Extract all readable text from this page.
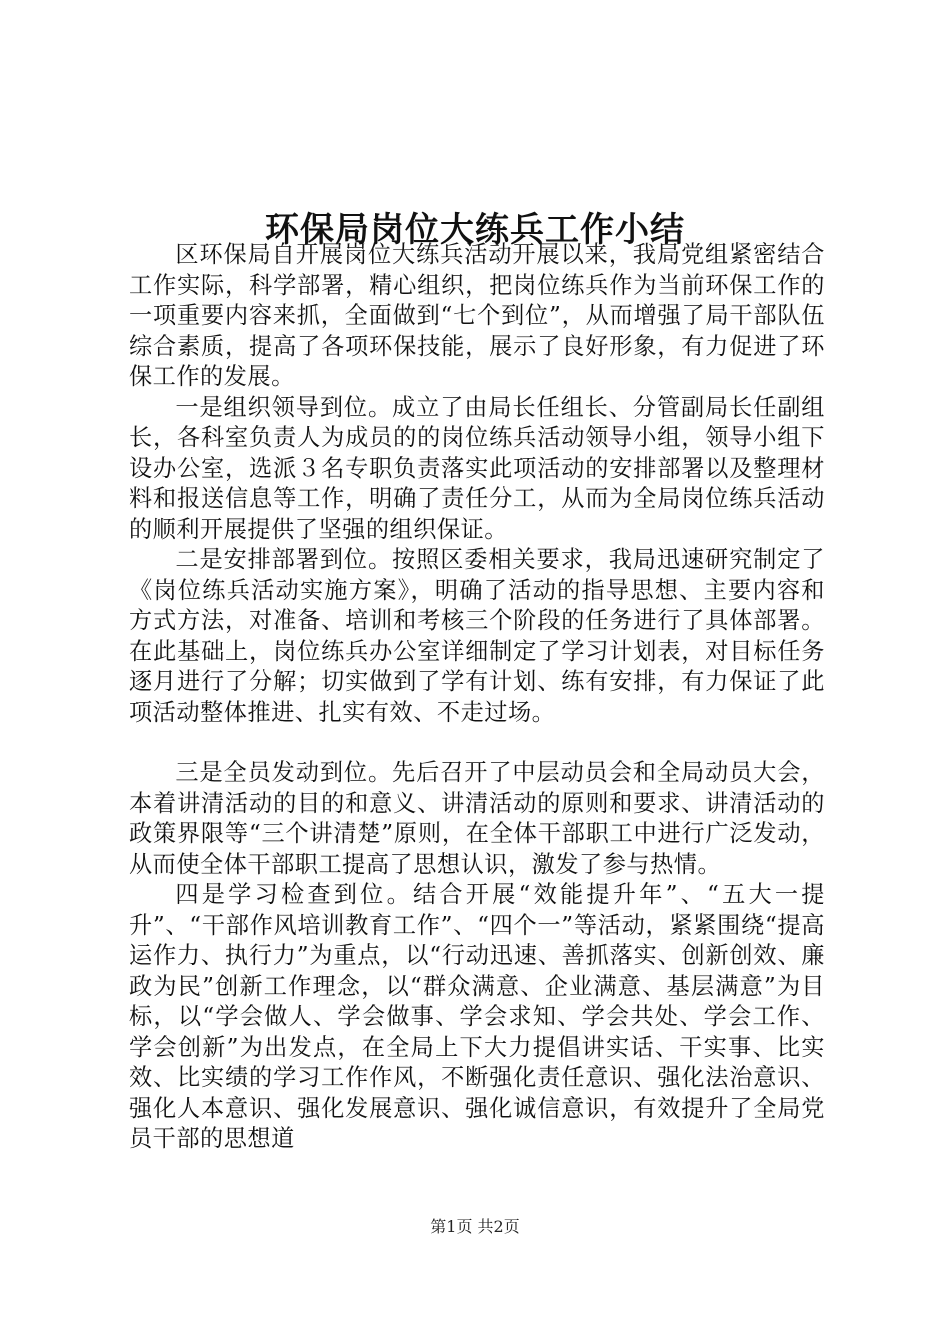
环保局岗位大练兵工作小结

区环保局自开展岗位大练兵活动开展以来，我局党组紧密结合工作实际，科学部署，精心组织，把岗位练兵作为当前环保工作的一项重要内容来抓，全面做到“七个到位”，从而增强了局干部队伍综合素质，提高了各项环保技能，展示了良好形象，有力促进了环保工作的发展。

一是组织领导到位。成立了由局长任组长、分管副局长任副组长，各科室负责人为成员的的岗位练兵活动领导小组，领导小组下设办公室，选派３名专职负责落实此项活动的安排部署以及整理材料和报送信息等工作，明确了责任分工，从而为全局岗位练兵活动的顺利开展提供了坚强的组织保证。

二是安排部署到位。按照区委相关要求，我局迅速研究制定了《岗位练兵活动实施方案》，明确了活动的指导思想、主要内容和方式方法，对准备、培训和考核三个阶段的任务进行了具体部署。在此基础上，岗位练兵办公室详细制定了学习计划表，对目标任务逐月进行了分解；切实做到了学有计划、练有安排，有力保证了此项活动整体推进、扎实有效、不走过场。

三是全员发动到位。先后召开了中层动员会和全局动员大会，本着讲清活动的目的和意义、讲清活动的原则和要求、讲清活动的政策界限等“三个讲清楚”原则，在全体干部职工中进行广泛发动，从而使全体干部职工提高了思想认识，激发了参与热情。

四是学习检查到位。结合开展“效能提升年”、“五大一提升”、“干部作风培训教育工作”、“四个一”等活动，紧紧围绕“提高运作力、执行力”为重点，以“行动迅速、善抓落实、创新创效、廉政为民”创新工作理念，以“群众满意、企业满意、基层满意”为目标，以“学会做人、学会做事、学会求知、学会共处、学会工作、学会创新”为出发点，在全局上下大力提倡讲实话、干实事、比实效、比实绩的学习工作作风，不断强化责任意识、强化法治意识、强化人本意识、强化发展意识、强化诚信意识，有效提升了全局党员干部的思想道

第1页 共2页
